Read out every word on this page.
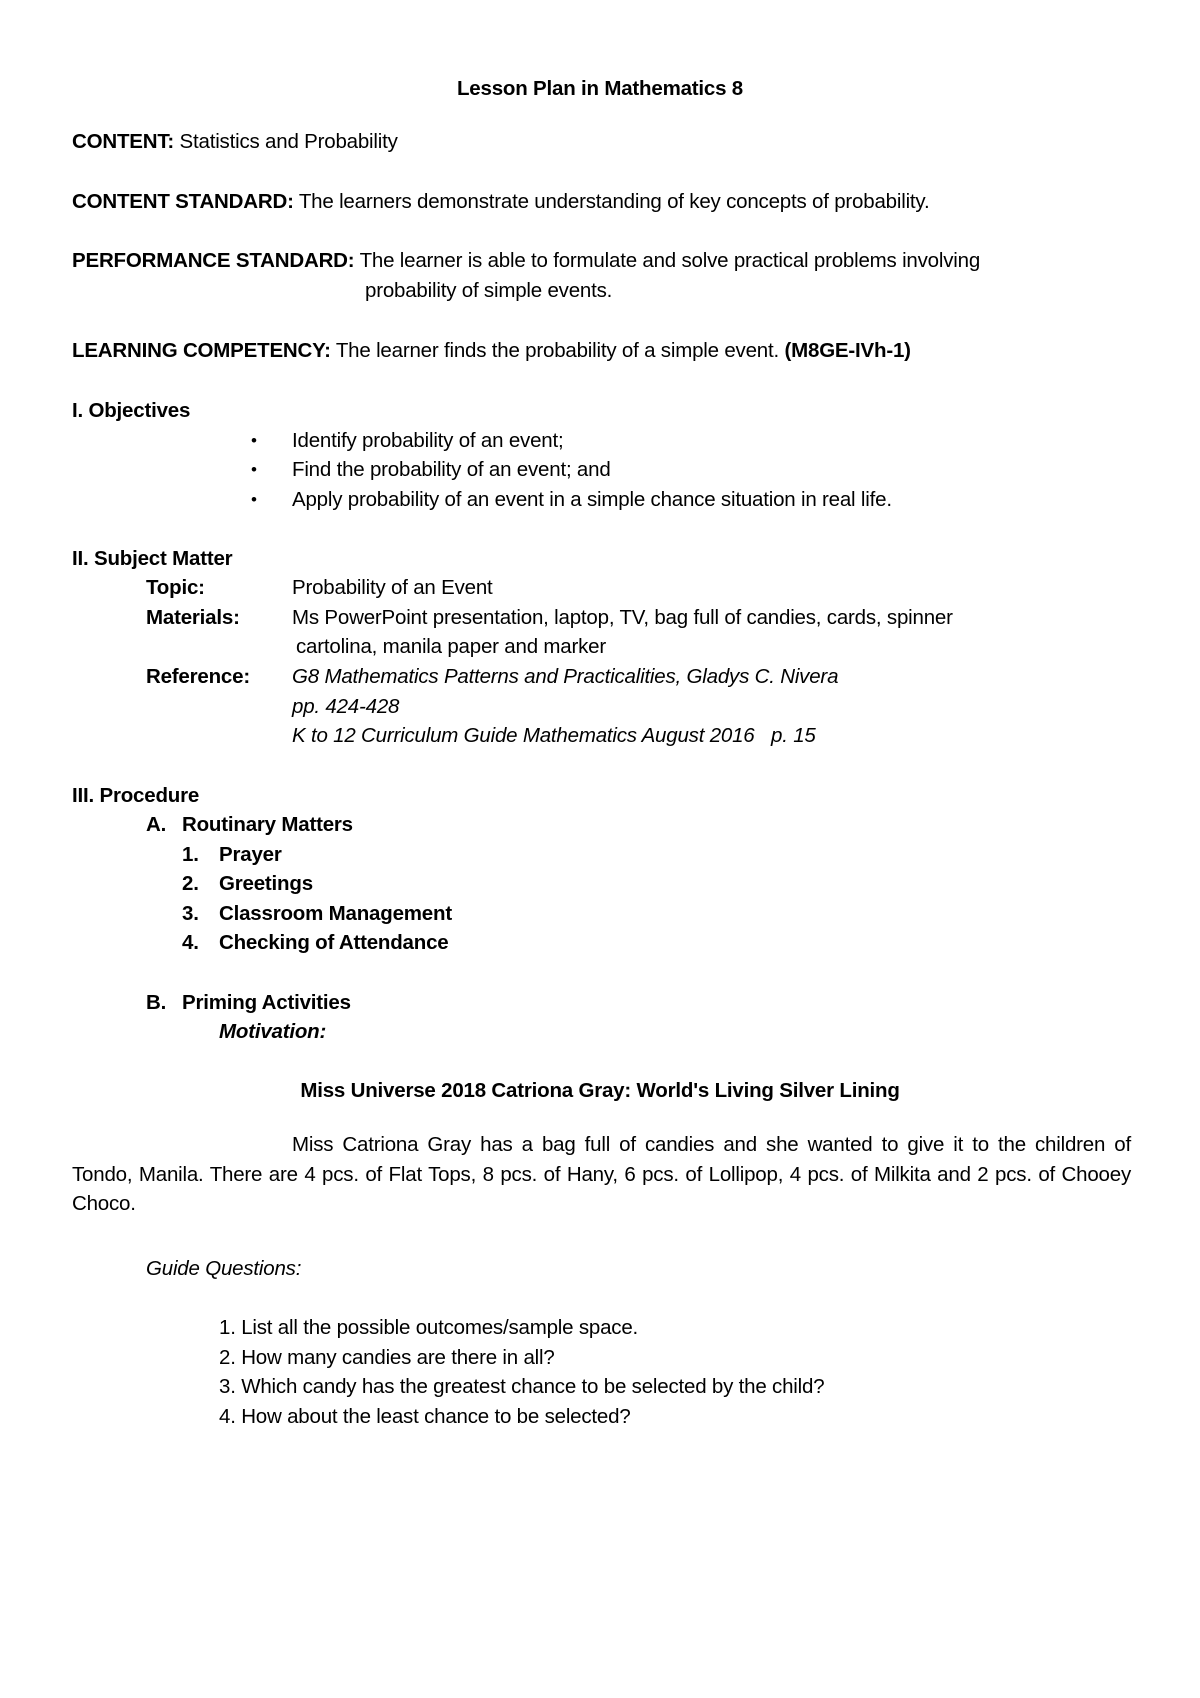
Lesson Plan in Mathematics 8
CONTENT: Statistics and Probability
CONTENT STANDARD: The learners demonstrate understanding of key concepts of probability.
PERFORMANCE STANDARD: The learner is able to formulate and solve practical problems involving
probability of simple events.
LEARNING COMPETENCY: The learner finds the probability of a simple event. (M8GE-IVh-1)
I. Objectives
• Identify probability of an event;
• Find the probability of an event; and
• Apply probability of an event in a simple chance situation in real life.
II. Subject Matter
Topic:	Probability of an Event
Materials:	Ms PowerPoint presentation, laptop, TV, bag full of candies, cards, spinner
cartolina, manila paper and marker
Reference: G8 Mathematics Patterns and Practicalities, Gladys C. Nivera
pp. 424-428
K to 12 Curriculum Guide Mathematics August 2016   p. 15
III. Procedure
A. Routinary Matters
1. Prayer
2. Greetings
3. Classroom Management
4. Checking of Attendance
B. Priming Activities
Motivation:
Miss Universe 2018 Catriona Gray: World's Living Silver Lining
Miss Catriona Gray has a bag full of candies and she wanted to give it to the children of Tondo, Manila. There are 4 pcs. of Flat Tops, 8 pcs. of Hany, 6 pcs. of Lollipop, 4 pcs. of Milkita and 2 pcs. of Chooey Choco.
Guide Questions:
1. List all the possible outcomes/sample space.
2. How many candies are there in all?
3. Which candy has the greatest chance to be selected by the child?
4. How about the least chance to be selected?
